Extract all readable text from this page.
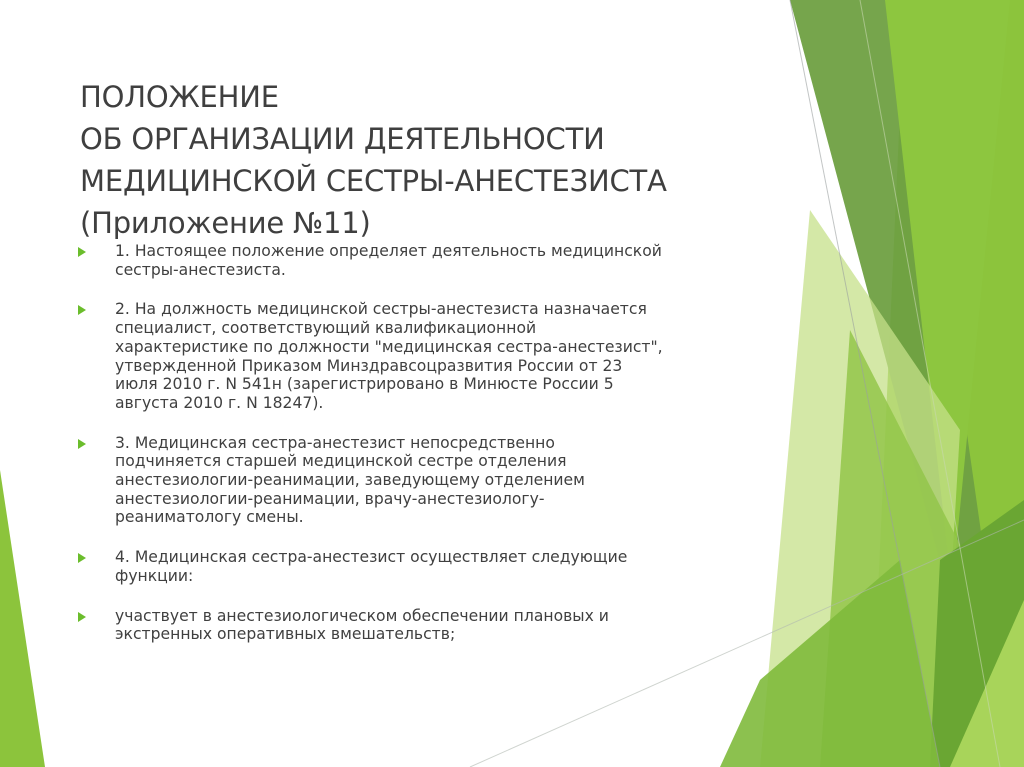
ПОЛОЖЕНИЕ
ОБ ОРГАНИЗАЦИИ ДЕЯТЕЛЬНОСТИ
МЕДИЦИНСКОЙ СЕСТРЫ-АНЕСТЕЗИСТА
(Приложение №11)
1. Настоящее положение определяет деятельность медицинской
сестры-анестезиста.
2. На должность медицинской сестры-анестезиста назначается
специалист, соответствующий квалификационной
характеристике по должности "медицинская сестра-анестезист",
утвержденной Приказом Минздравсоцразвития России от 23
июля 2010 г. N 541н (зарегистрировано в Минюсте России 5
августа 2010 г. N 18247).
3. Медицинская сестра-анестезист непосредственно
подчиняется старшей медицинской сестре отделения
анестезиологии-реанимации, заведующему отделением
анестезиологии-реанимации, врачу-анестезиологу-
реаниматологу смены.
4. Медицинская сестра-анестезист осуществляет следующие
функции:
участвует в анестезиологическом обеспечении плановых и
экстренных оперативных вмешательств;
